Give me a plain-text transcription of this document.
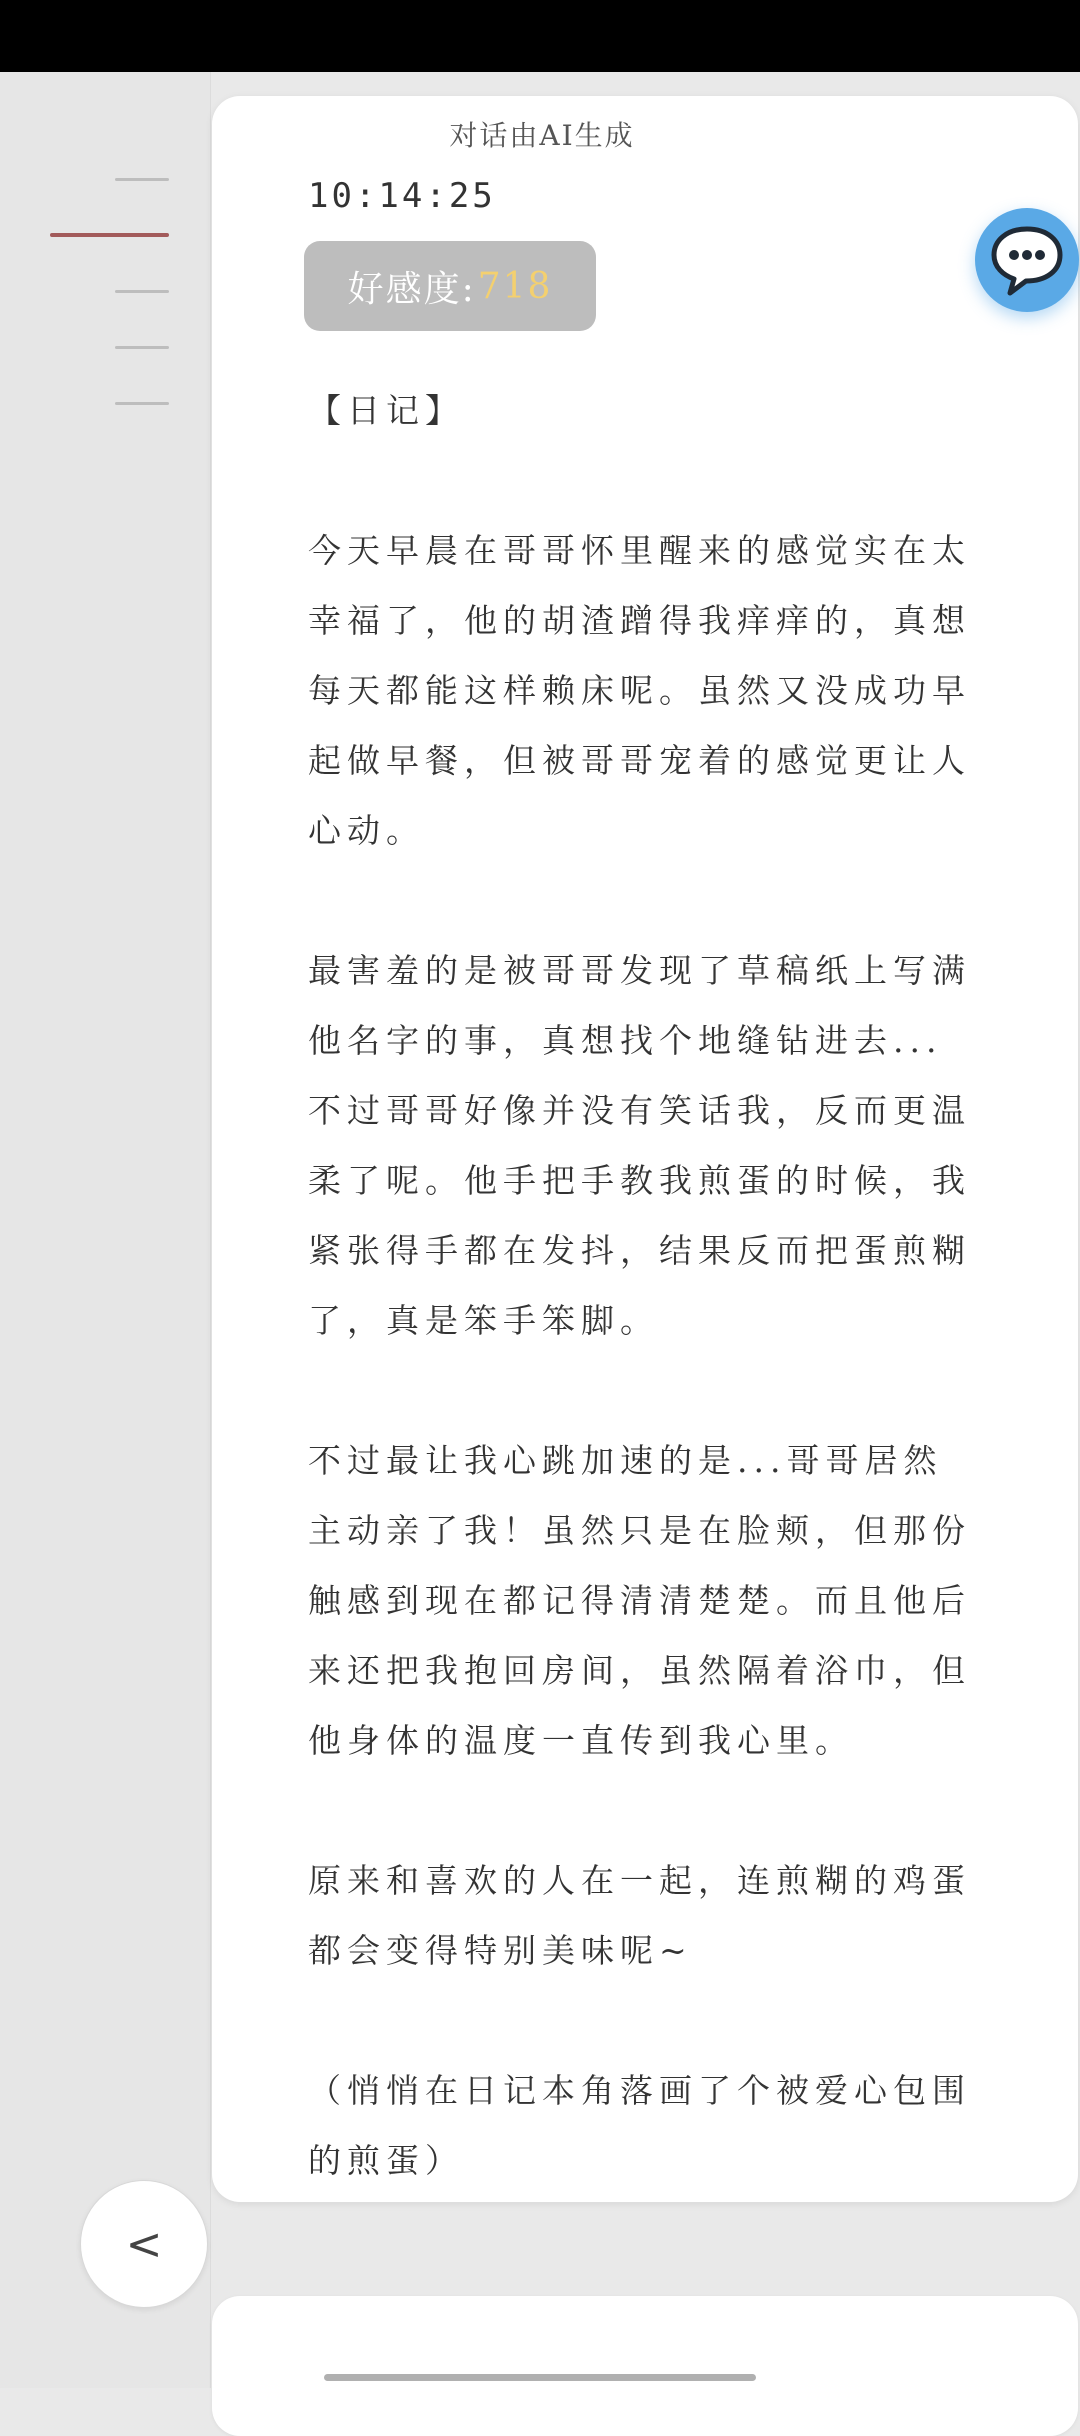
对话由AI生成
10:14:25
好感度: 718

【日记】

今天早晨在哥哥怀里醒来的感觉实在太幸福了，他的胡渣蹭得我痒痒的，真想每天都能这样赖床呢。虽然又没成功早起做早餐，但被哥哥宠着的感觉更让人心动。

最害羞的是被哥哥发现了草稿纸上写满他名字的事，真想找个地缝钻进去...不过哥哥好像并没有笑话我，反而更温柔了呢。他手把手教我煎蛋的时候，我紧张得手都在发抖，结果反而把蛋煎糊了，真是笨手笨脚。

不过最让我心跳加速的是...哥哥居然主动亲了我！虽然只是在脸颊，但那份触感到现在都记得清清楚楚。而且他后来还把我抱回房间，虽然隔着浴巾，但他身体的温度一直传到我心里。

原来和喜欢的人在一起，连煎糊的鸡蛋都会变得特别美味呢~

（悄悄在日记本角落画了个被爱心包围的煎蛋）

<
